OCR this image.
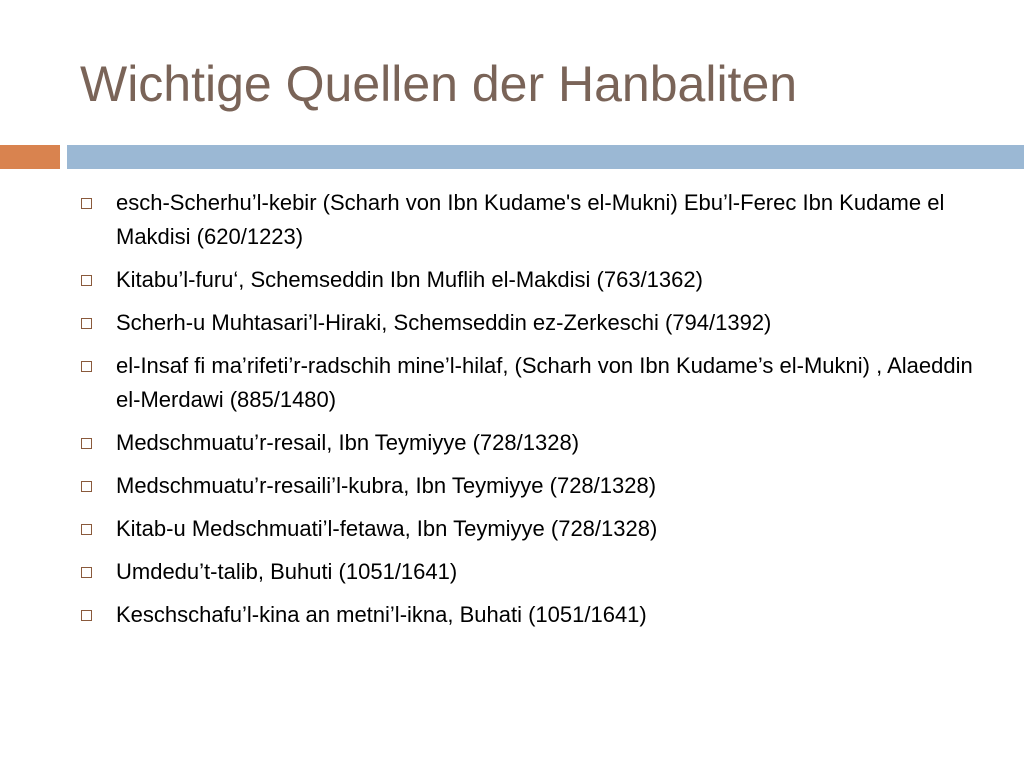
Wichtige Quellen der Hanbaliten
esch-Scherhu’l-kebir (Scharh von Ibn Kudame's el-Mukni) Ebu’l-Ferec Ibn Kudame el Makdisi (620/1223)
Kitabu’l-furu‘, Schemseddin Ibn Muflih el-Makdisi (763/1362)
Scherh-u Muhtasari’l-Hiraki, Schemseddin ez-Zerkeschi (794/1392)
el-Insaf fi ma’rifeti’r-radschih mine’l-hilaf, (Scharh von Ibn Kudame’s el-Mukni) , Alaeddin el-Merdawi (885/1480)
Medschmuatu’r-resail, Ibn Teymiyye (728/1328)
Medschmuatu’r-resaili’l-kubra, Ibn Teymiyye (728/1328)
Kitab-u Medschmuati’l-fetawa, Ibn Teymiyye (728/1328)
Umdedu’t-talib, Buhuti (1051/1641)
Keschschafu’l-kina an metni’l-ikna, Buhati (1051/1641)
